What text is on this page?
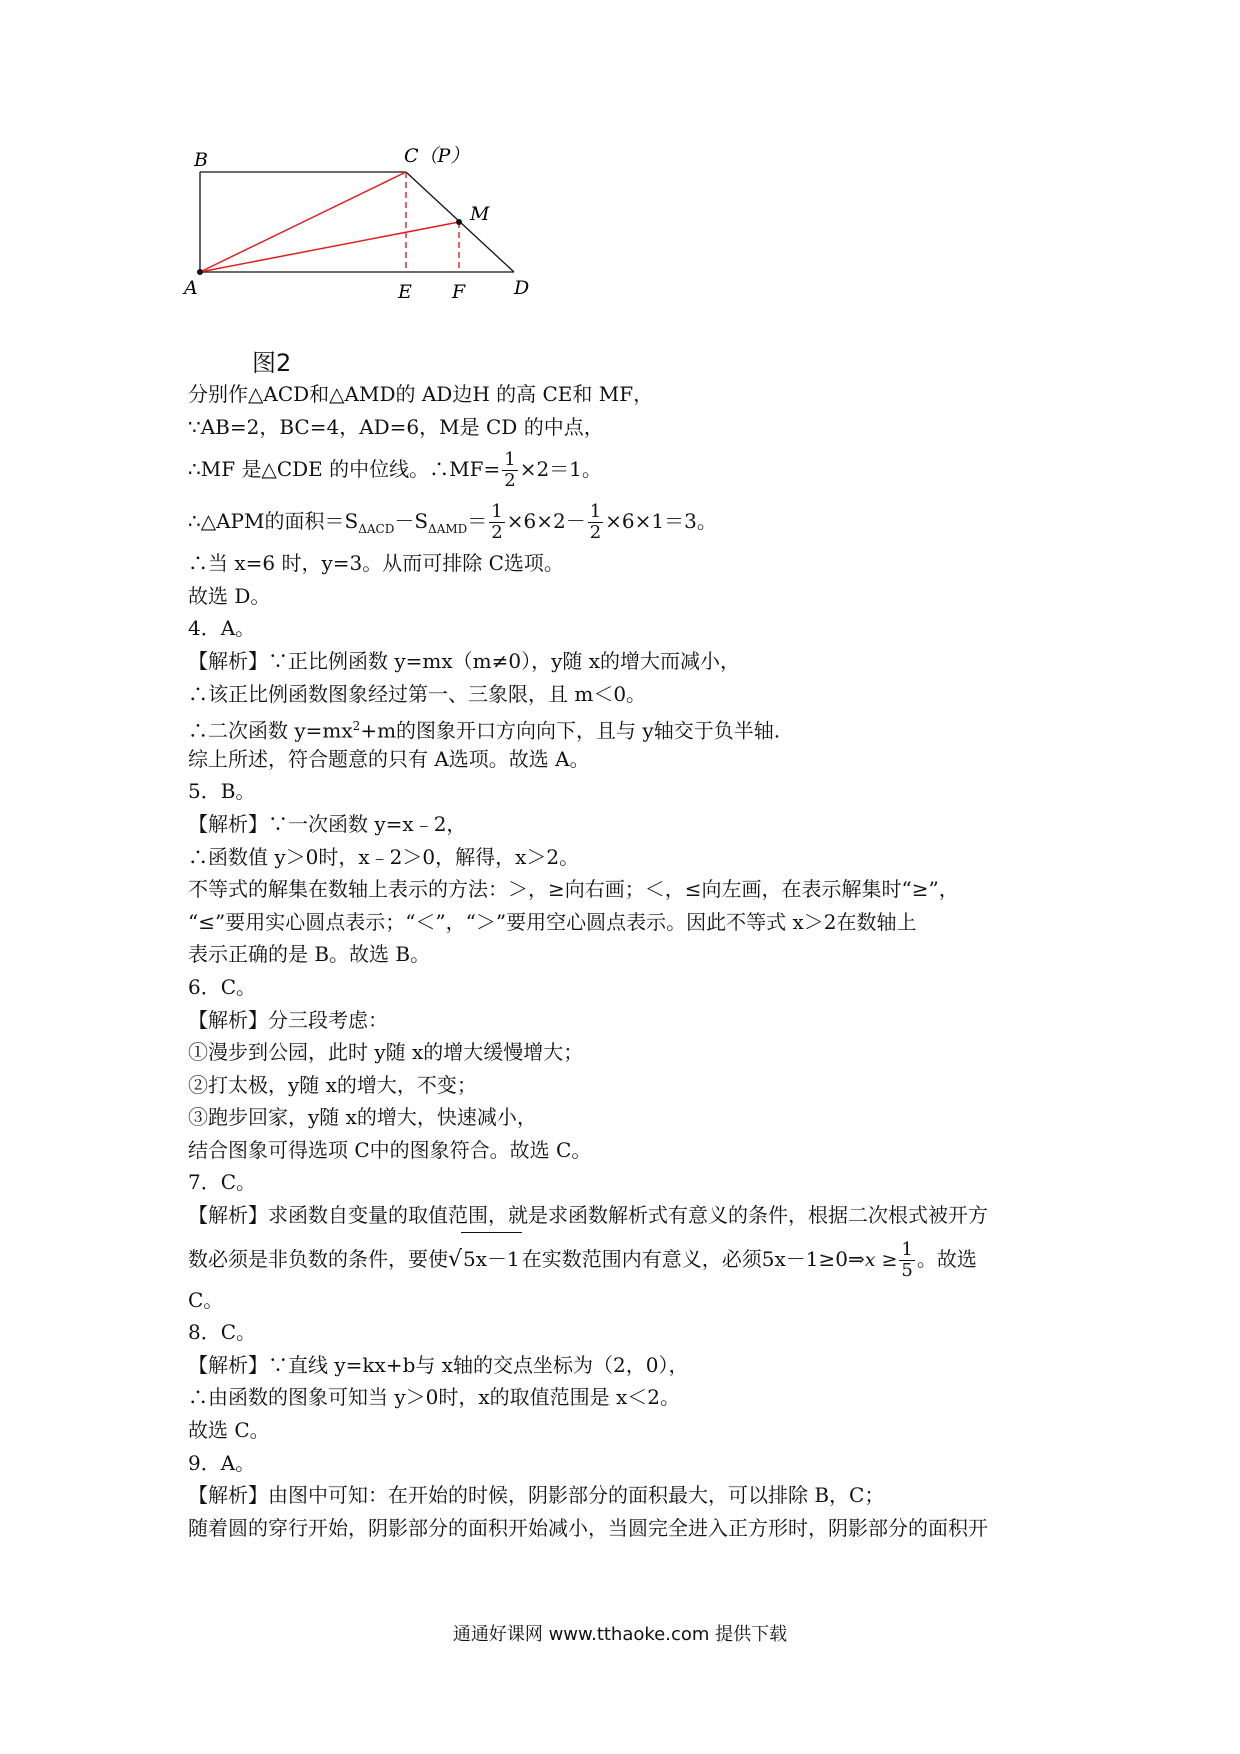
B	C（P）
M
A	E F	D
图2
分别作△ACD和△AMD的 AD边H 的高 CE和 MF，
∵AB=2，BC=4，AD=6，M是 CD 的中点，
∴MF 是△CDE 的中位线。∴MF= $\frac{1}{2} \times 2=1$。
∴△APM的面积$=S_{\Delta ACD}-S_{\Delta AMD}= \frac{1}{2} \times 6\times 2- \frac{1}{2} \times 6\times 1=3$。
∴当 x=6 时，y=3。从而可排除 C选项。
故选 D。
4．A。
【解析】∵正比例函数 y=mx（m≠0），y随 x的增大而减小，
∴该正比例函数图象经过第一、三象限，且 m＜0。
∴二次函数 $y=mx^2+m$的图象开口方向向下，且与 y轴交于负半轴.
综上所述，符合题意的只有 A选项。故选 A。
5．B。
【解析】∵一次函数 y=x﹣2，
∴函数值 y＞0时，x﹣2＞0，解得，x＞2。
不等式的解集在数轴上表示的方法：＞，≥向右画；＜，≤向左画，在表示解集时“≥”，
“≤”要用实心圆点表示；“＜”，“＞”要用空心圆点表示。因此不等式 x＞2在数轴上
表示正确的是 B。故选 B。
6．C。
【解析】分三段考虑：
①漫步到公园，此时 y随 x的增大缓慢增大；
②打太极，y随 x的增大，不变；
③跑步回家，y随 x的增大，快速减小，
结合图象可得选项 C中的图象符合。故选 C。
7．C。
【解析】求函数自变量的取值范围，就是求函数解析式有意义的条件，根据二次根式被开方
数必须是非负数的条件，要使√5x－1 在实数范围内有意义，必须5x－1≥0⇒x ≥ $\frac{1}{5}$ 。故选
C。
8．C。
【解析】∵直线 y=kx+b与 x轴的交点坐标为（2，0），
∴由函数的图象可知当 y＞0时，x的取值范围是 x＜2。
故选 C。
9．A。
【解析】由图中可知：在开始的时候，阴影部分的面积最大，可以排除 B，C；
随着圆的穿行开始，阴影部分的面积开始减小，当圆完全进入正方形时，阴影部分的面积开
通通好课网 www.tthaoke.com 提供下载
